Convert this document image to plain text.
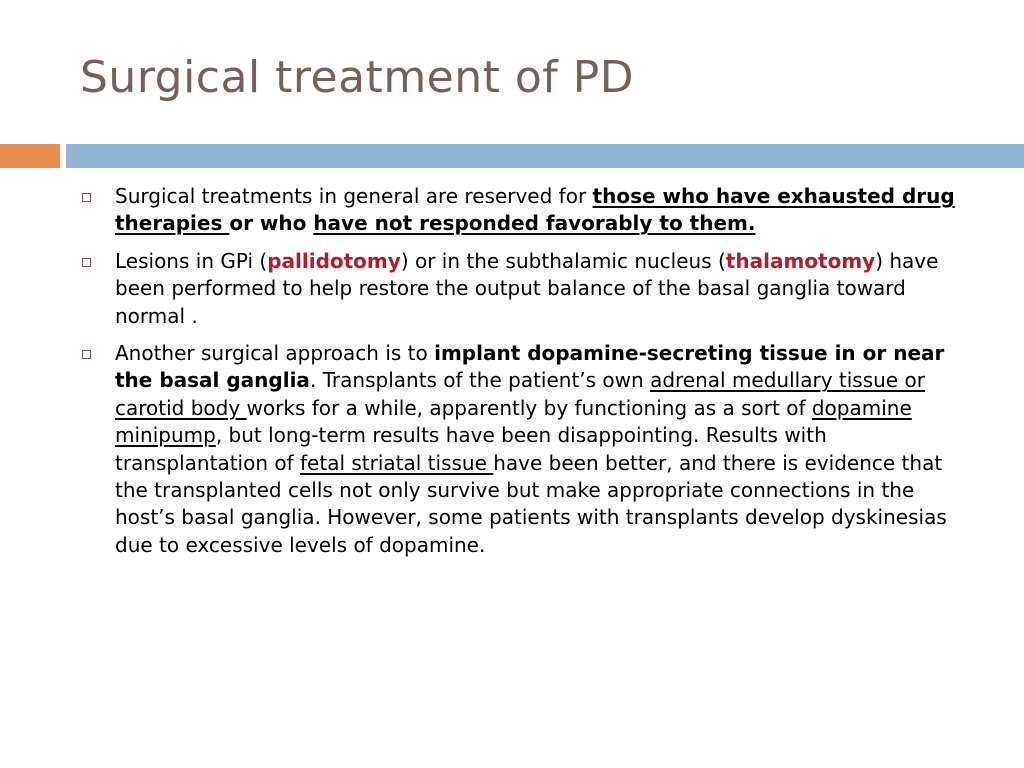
Surgical treatment of PD
Surgical treatments in general are reserved for those who have exhausted drug therapies or who have not responded favorably to them.
Lesions in GPi (pallidotomy) or in the subthalamic nucleus (thalamotomy) have been performed to help restore the output balance of the basal ganglia toward normal .
Another surgical approach is to implant dopamine-secreting tissue in or near the basal ganglia. Transplants of the patient’s own adrenal medullary tissue or carotid body works for a while, apparently by functioning as a sort of dopamine minipump, but long-term results have been disappointing. Results with transplantation of fetal striatal tissue have been better, and there is evidence that the transplanted cells not only survive but make appropriate connections in the host’s basal ganglia. However, some patients with transplants develop dyskinesias due to excessive levels of dopamine.
